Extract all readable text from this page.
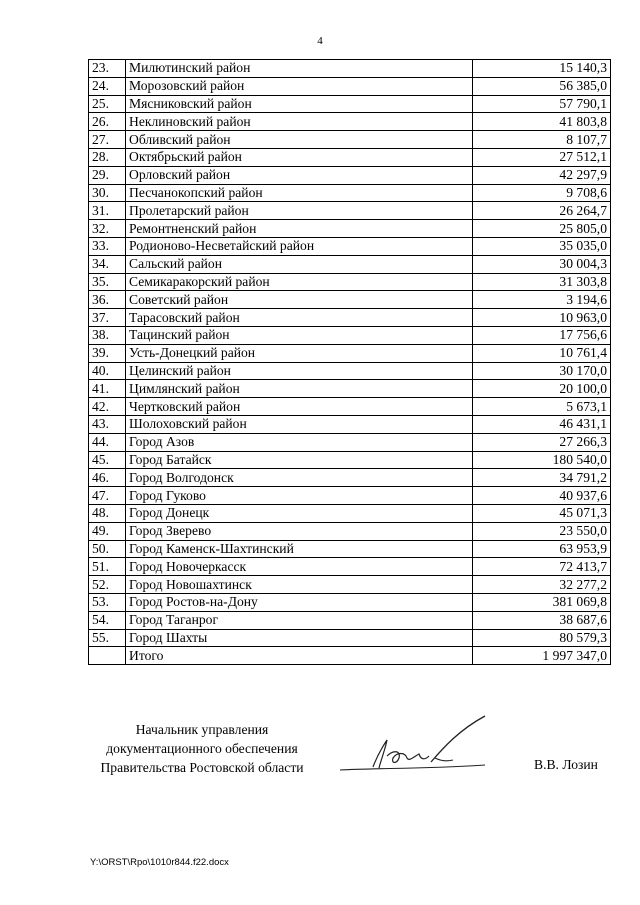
4
23.	Милютинский район	15 140,3
24.	Морозовский район	56 385,0
25.	Мясниковский район	57 790,1
26.	Неклиновский район	41 803,8
27.	Обливский район	8 107,7
28.	Октябрьский район	27 512,1
29.	Орловский район	42 297,9
30.	Песчанокопский район	9 708,6
31.	Пролетарский район	26 264,7
32.	Ремонтненский район	25 805,0
33.	Родионово-Несветайский район	35 035,0
34.	Сальский район	30 004,3
35.	Семикаракорский район	31 303,8
36.	Советский район	3 194,6
37.	Тарасовский район	10 963,0
38.	Тацинский район	17 756,6
39.	Усть-Донецкий район	10 761,4
40.	Целинский район	30 170,0
41.	Цимлянский район	20 100,0
42.	Чертковский район	5 673,1
43.	Шолоховский район	46 431,1
44.	Город Азов	27 266,3
45.	Город Батайск	180 540,0
46.	Город Волгодонск	34 791,2
47.	Город Гуково	40 937,6
48.	Город Донецк	45 071,3
49.	Город Зверево	23 550,0
50.	Город Каменск-Шахтинский	63 953,9
51.	Город Новочеркасск	72 413,7
52.	Город Новошахтинск	32 277,2
53.	Город Ростов-на-Дону	381 069,8
54.	Город Таганрог	38 687,6
55.	Город Шахты	80 579,3
	Итого	1 997 347,0
Начальник управления
документационного обеспечения
Правительства Ростовской области	В.В. Лозин
Y:\ORST\Rpo\1010r844.f22.docx
